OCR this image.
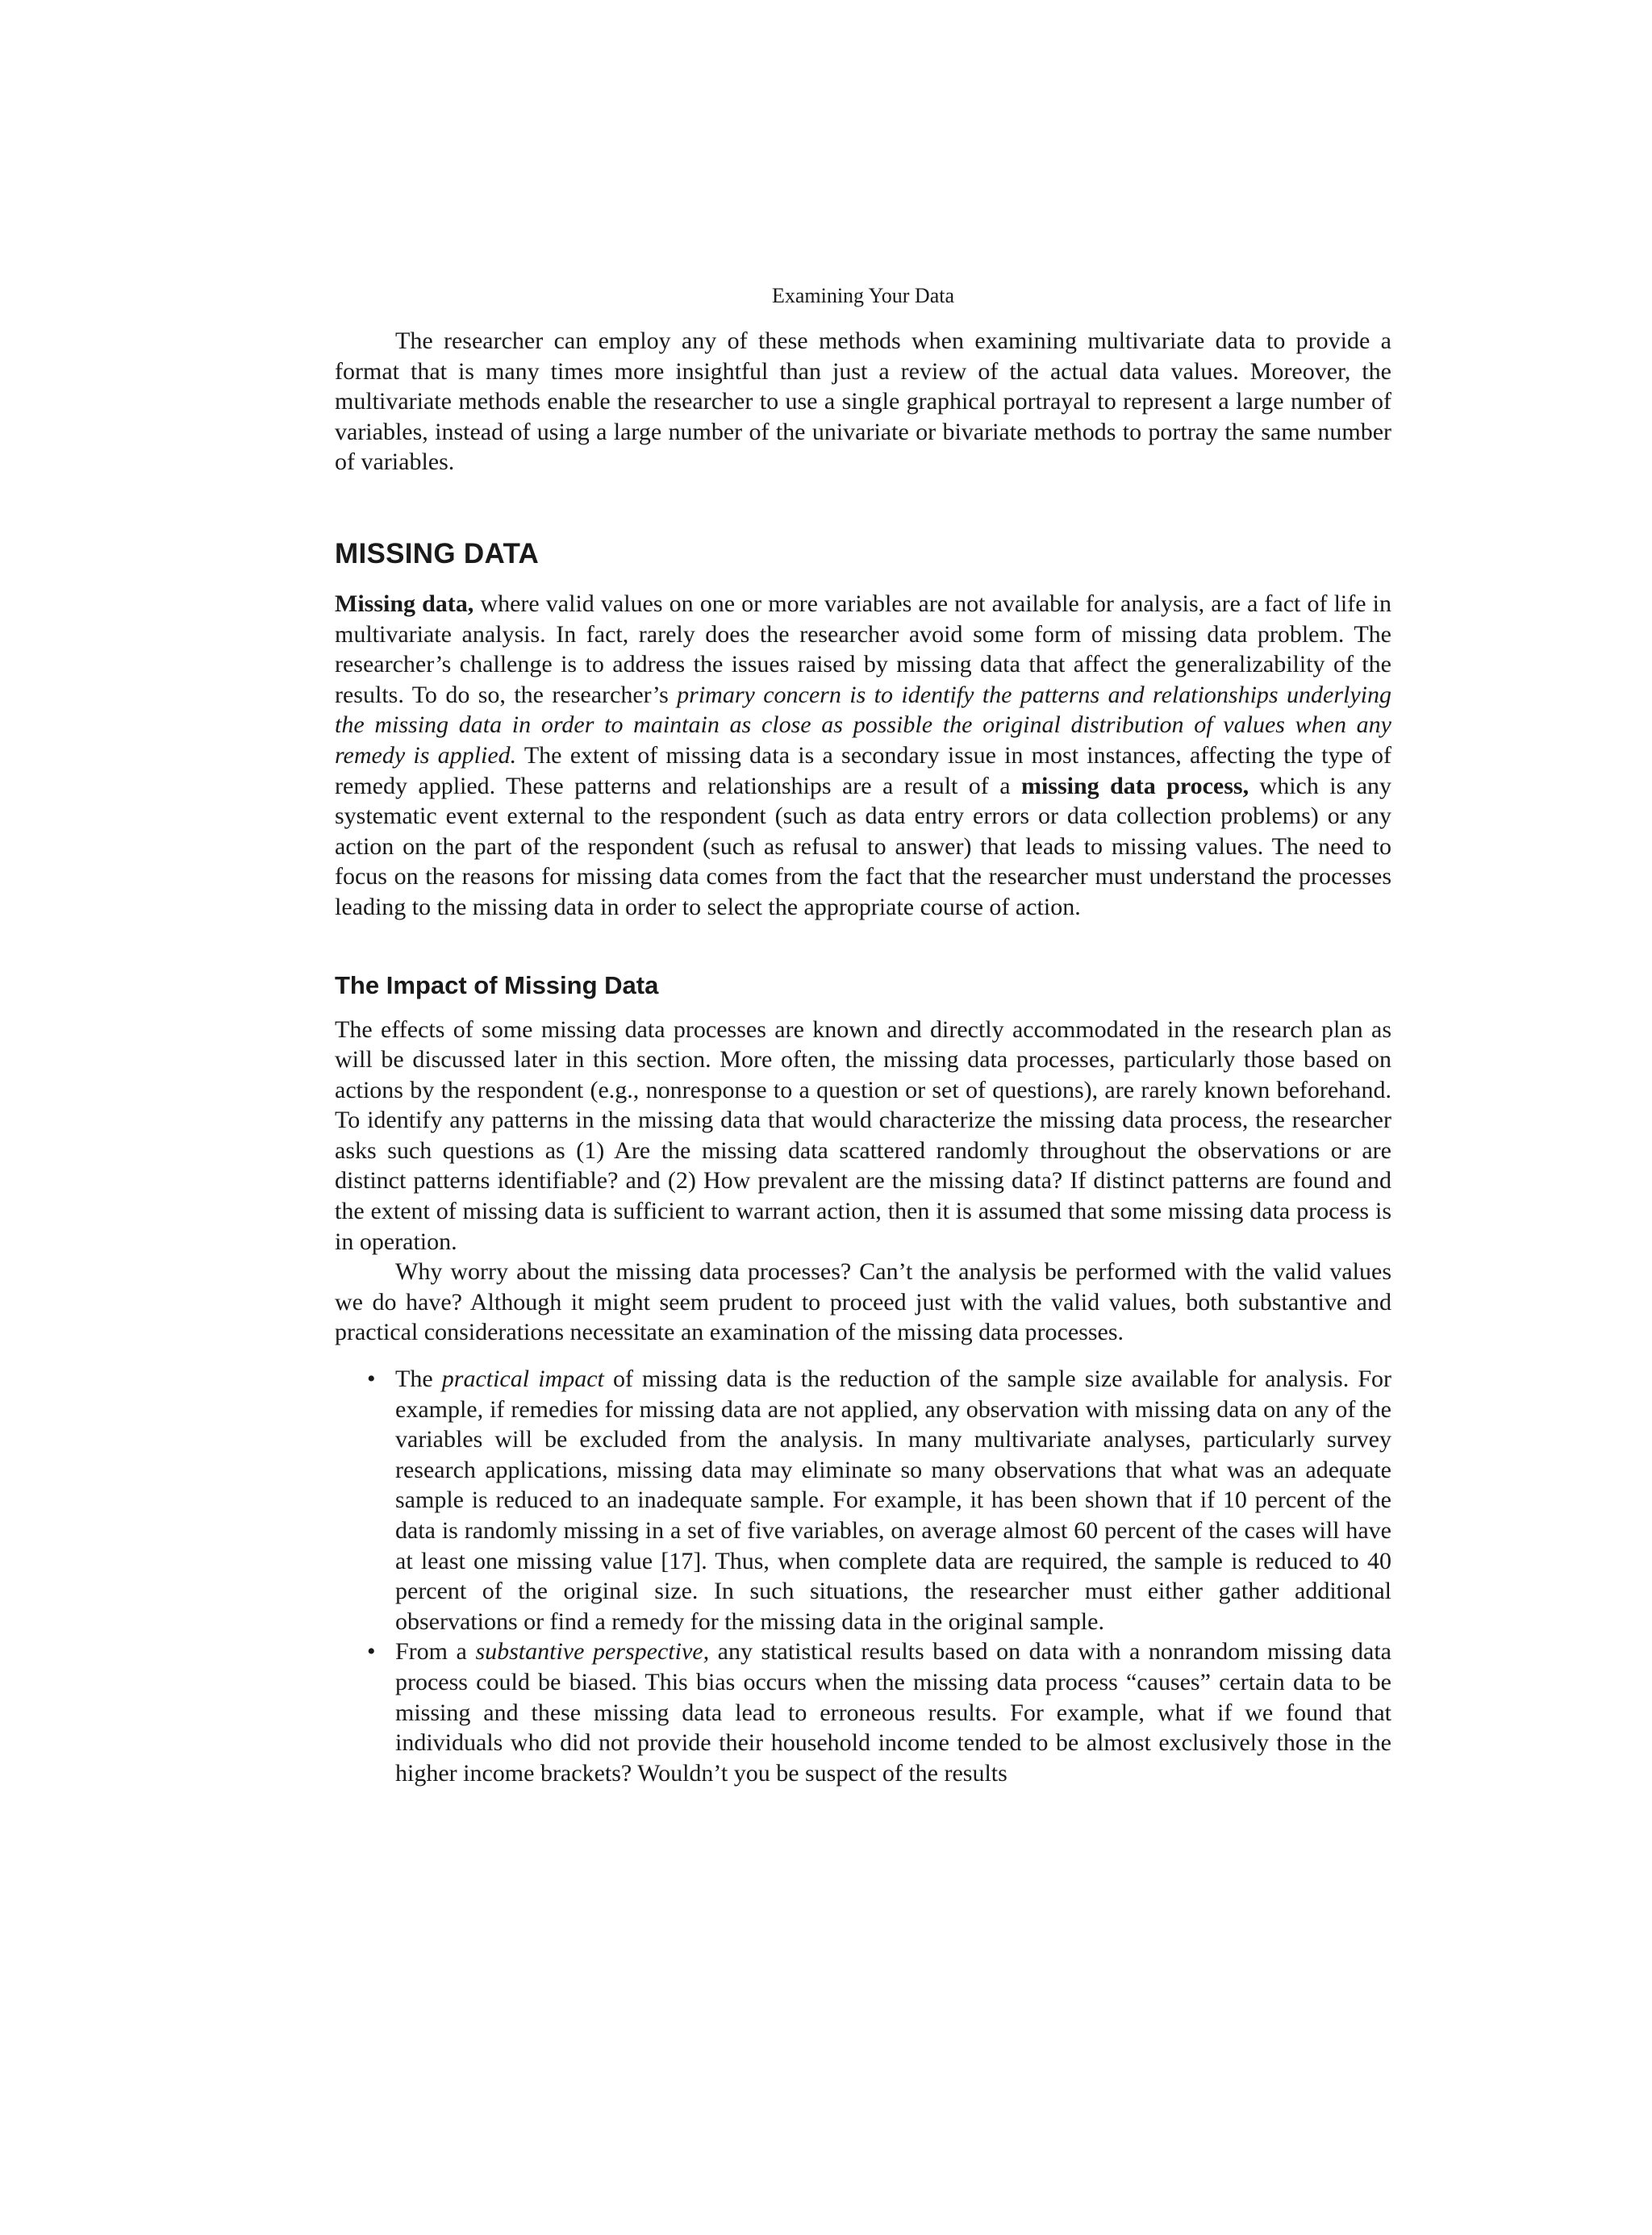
Examining Your Data

The researcher can employ any of these methods when examining multivariate data to provide a format that is many times more insightful than just a review of the actual data values. Moreover, the multivariate methods enable the researcher to use a single graphical portrayal to represent a large number of variables, instead of using a large number of the univariate or bivariate methods to portray the same number of variables.

MISSING DATA

Missing data, where valid values on one or more variables are not available for analysis, are a fact of life in multivariate analysis. In fact, rarely does the researcher avoid some form of missing data problem. The researcher’s challenge is to address the issues raised by missing data that affect the generalizability of the results. To do so, the researcher’s primary concern is to identify the patterns and relationships underlying the missing data in order to maintain as close as possible the original distribution of values when any remedy is applied. The extent of missing data is a secondary issue in most instances, affecting the type of remedy applied. These patterns and relationships are a result of a missing data process, which is any systematic event external to the respondent (such as data entry errors or data collection problems) or any action on the part of the respondent (such as refusal to answer) that leads to missing values. The need to focus on the reasons for missing data comes from the fact that the researcher must understand the processes leading to the missing data in order to select the appropriate course of action.

The Impact of Missing Data

The effects of some missing data processes are known and directly accommodated in the research plan as will be discussed later in this section. More often, the missing data processes, particularly those based on actions by the respondent (e.g., nonresponse to a question or set of questions), are rarely known beforehand. To identify any patterns in the missing data that would characterize the missing data process, the researcher asks such questions as (1) Are the missing data scattered randomly throughout the observations or are distinct patterns identifiable? and (2) How prevalent are the missing data? If distinct patterns are found and the extent of missing data is sufficient to warrant action, then it is assumed that some missing data process is in operation.

Why worry about the missing data processes? Can’t the analysis be performed with the valid values we do have? Although it might seem prudent to proceed just with the valid values, both substantive and practical considerations necessitate an examination of the missing data processes.

• The practical impact of missing data is the reduction of the sample size available for analysis. For example, if remedies for missing data are not applied, any observation with missing data on any of the variables will be excluded from the analysis. In many multivariate analyses, particularly survey research applications, missing data may eliminate so many observations that what was an adequate sample is reduced to an inadequate sample. For example, it has been shown that if 10 percent of the data is randomly missing in a set of five variables, on average almost 60 percent of the cases will have at least one missing value [17]. Thus, when complete data are required, the sample is reduced to 40 percent of the original size. In such situations, the researcher must either gather additional observations or find a remedy for the missing data in the original sample.
• From a substantive perspective, any statistical results based on data with a nonrandom missing data process could be biased. This bias occurs when the missing data process “causes” certain data to be missing and these missing data lead to erroneous results. For example, what if we found that individuals who did not provide their household income tended to be almost exclusively those in the higher income brackets? Wouldn’t you be suspect of the results
